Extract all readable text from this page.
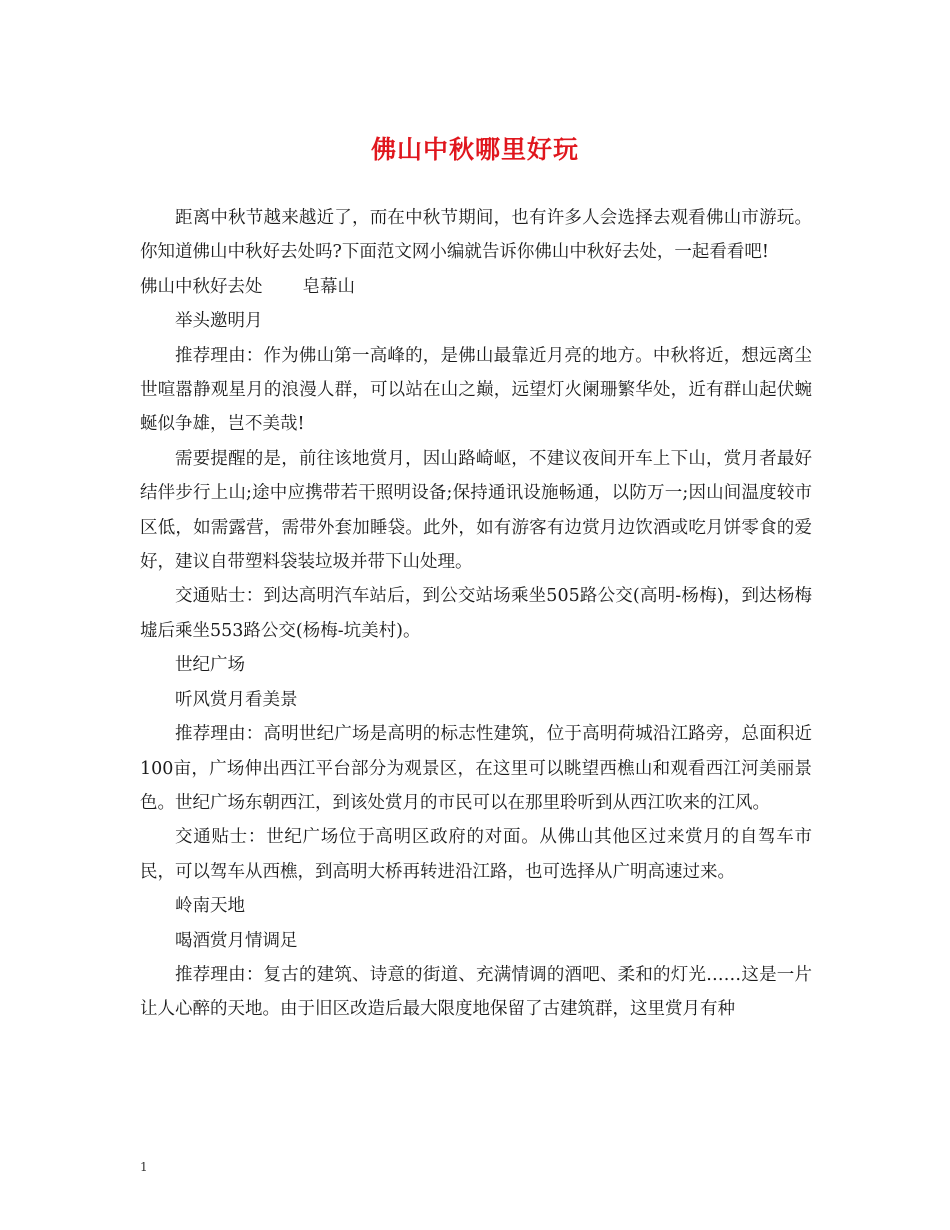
佛山中秋哪里好玩

距离中秋节越来越近了，而在中秋节期间，也有许多人会选择去观看佛山市游玩。你知道佛山中秋好去处吗?下面范文网小编就告诉你佛山中秋好去处，一起看看吧!

佛山中秋好去处 皂幕山

举头邀明月

推荐理由：作为佛山第一高峰的，是佛山最靠近月亮的地方。中秋将近，想远离尘世喧嚣静观星月的浪漫人群，可以站在山之巅，远望灯火阑珊繁华处，近有群山起伏蜿蜒似争雄，岂不美哉!

需要提醒的是，前往该地赏月，因山路崎岖，不建议夜间开车上下山，赏月者最好结伴步行上山;途中应携带若干照明设备;保持通讯设施畅通，以防万一;因山间温度较市区低，如需露营，需带外套加睡袋。此外，如有游客有边赏月边饮酒或吃月饼零食的爱好，建议自带塑料袋装垃圾并带下山处理。

交通贴士：到达高明汽车站后，到公交站场乘坐505路公交(高明-杨梅)，到达杨梅墟后乘坐553路公交(杨梅-坑美村)。

世纪广场

听风赏月看美景

推荐理由：高明世纪广场是高明的标志性建筑，位于高明荷城沿江路旁，总面积近100亩，广场伸出西江平台部分为观景区，在这里可以眺望西樵山和观看西江河美丽景色。世纪广场东朝西江，到该处赏月的市民可以在那里聆听到从西江吹来的江风。

交通贴士：世纪广场位于高明区政府的对面。从佛山其他区过来赏月的自驾车市民，可以驾车从西樵，到高明大桥再转进沿江路，也可选择从广明高速过来。

岭南天地

喝酒赏月情调足

推荐理由：复古的建筑、诗意的街道、充满情调的酒吧、柔和的灯光……这是一片让人心醉的天地。由于旧区改造后最大限度地保留了古建筑群，这里赏月有种

1
